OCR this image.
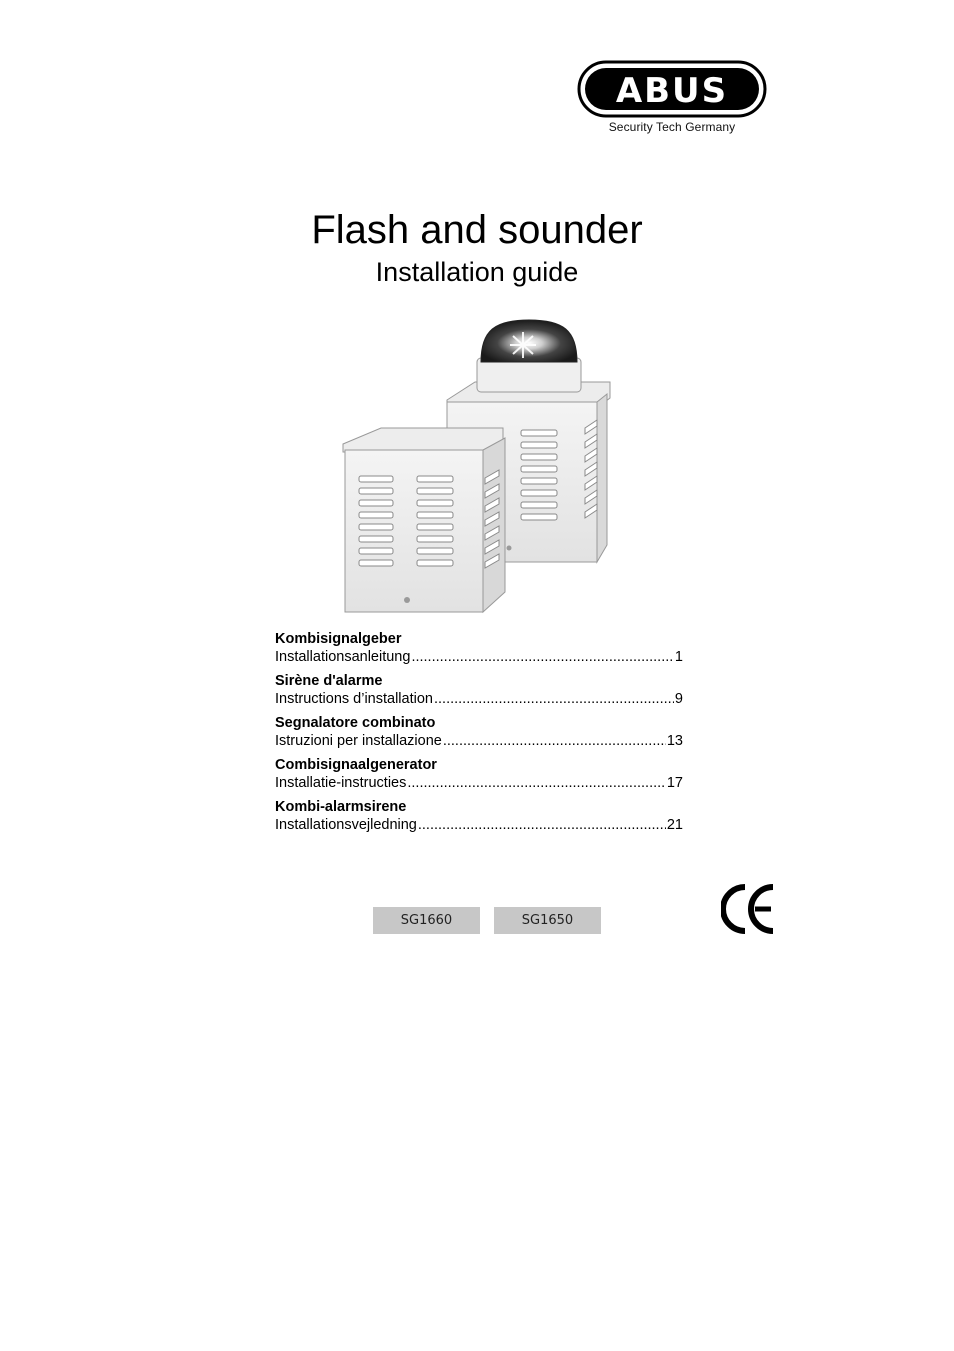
ABUS
Security Tech Germany
Flash and sounder
Installation guide
Kombisignalgeber
Installationsanleitung .....	1
Sirène d'alarme
Instructions d’installation .....	9
Segnalatore combinato
Istruzioni per installazione .....	13
Combisignaalgenerator
Installatie-instructies .....	17
Kombi-alarmsirene
Installationsvejledning .....	21
SG1660	SG1650
